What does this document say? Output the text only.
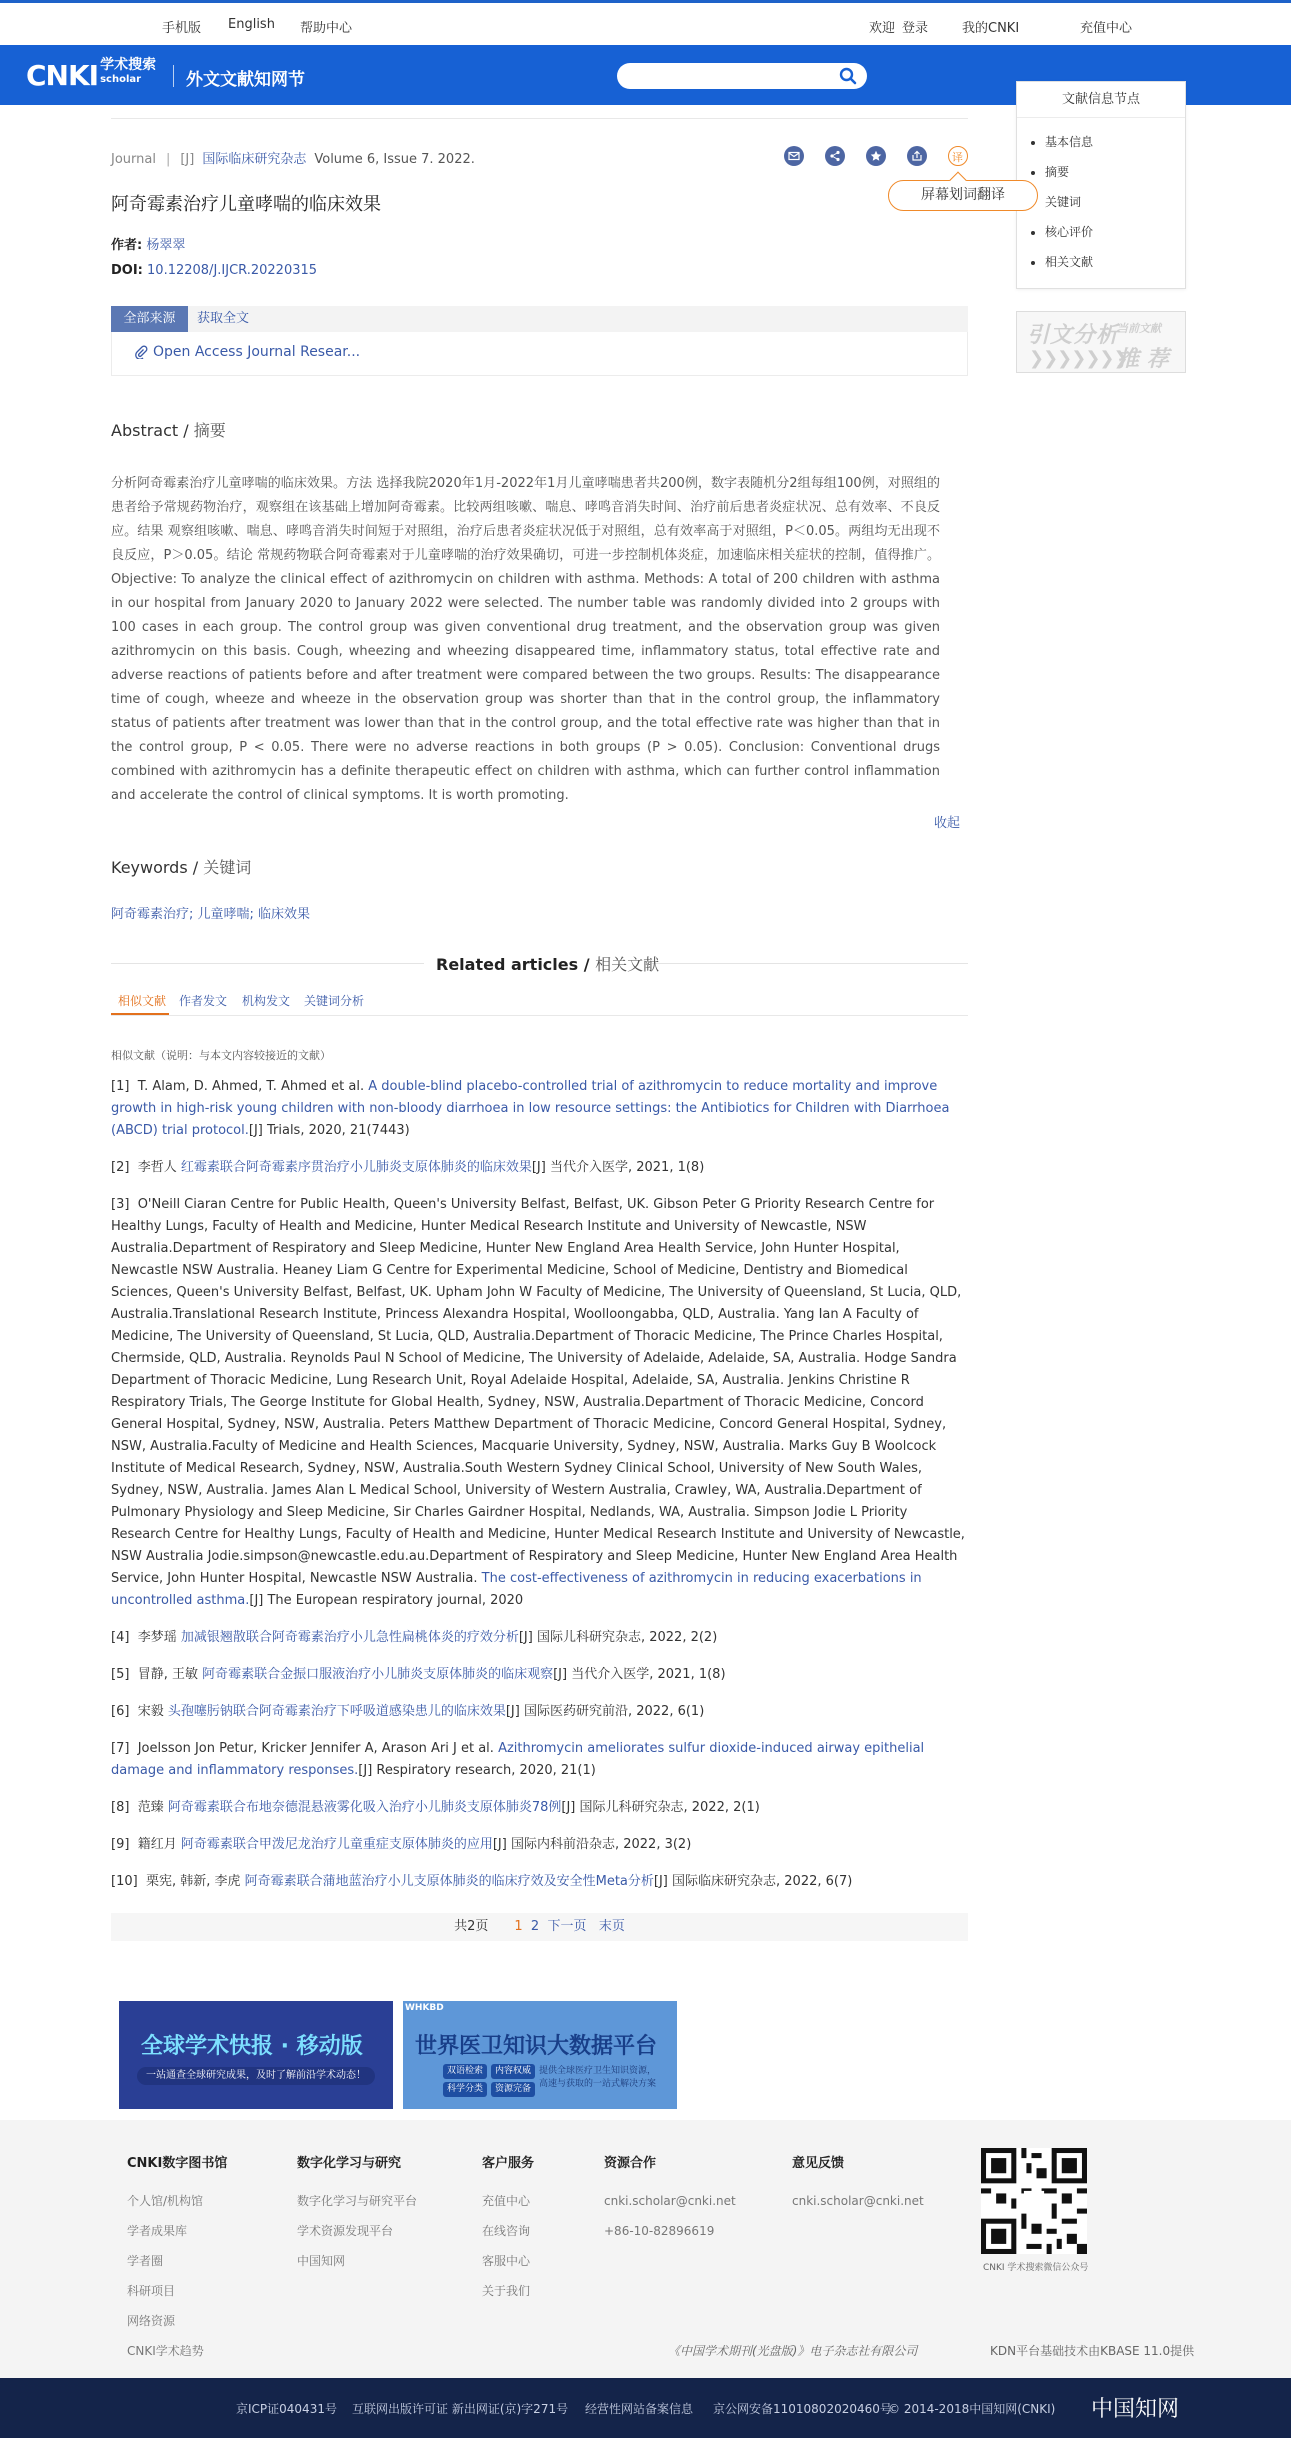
手机版 English 帮助中心	欢迎 登录	我的CNKI	充值中心
CNKI 学术搜索
scholar	外文文献知网节
文献信息节点
基本信息
摘要
关键词
核心评价
相关文献
引文分析
当前文献
❯❯❯❯❯❯❯
推 荐
Journal | [J] 国际临床研究杂志 Volume 6, Issue 7. 2022.	译
屏幕划词翻译
阿奇霉素治疗儿童哮喘的临床效果
作者: 杨翠翠
DOI: 10.12208/J.IJCR.20220315
全部来源	获取全文
Open Access Journal Resear...
Abstract / 摘要
分析阿奇霉素治疗儿童哮喘的临床效果。方法 选择我院2020年1月-2022年1月儿童哮喘患者共200例，数字表随机分2组每组100例，对照组的患者给予常规药物治疗，观察组在该基础上增加阿奇霉素。比较两组咳嗽、喘息、哮鸣音消失时间、治疗前后患者炎症状况、总有效率、不良反应。结果 观察组咳嗽、喘息、哮鸣音消失时间短于对照组，治疗后患者炎症状况低于对照组，总有效率高于对照组，P＜0.05。两组均无出现不良反应，P＞0.05。结论 常规药物联合阿奇霉素对于儿童哮喘的治疗效果确切，可进一步控制机体炎症，加速临床相关症状的控制，值得推广。Objective: To analyze the clinical effect of azithromycin on children with asthma. Methods: A total of 200 children with asthma in our hospital from January 2020 to January 2022 were selected. The number table was randomly divided into 2 groups with 100 cases in each group. The control group was given conventional drug treatment, and the observation group was given azithromycin on this basis. Cough, wheezing and wheezing disappeared time, inflammatory status, total effective rate and adverse reactions of patients before and after treatment were compared between the two groups. Results: The disappearance time of cough, wheeze and wheeze in the observation group was shorter than that in the control group, the inflammatory status of patients after treatment was lower than that in the control group, and the total effective rate was higher than that in the control group, P < 0.05. There were no adverse reactions in both groups (P > 0.05). Conclusion: Conventional drugs combined with azithromycin has a definite therapeutic effect on children with asthma, which can further control inflammation and accelerate the control of clinical symptoms. It is worth promoting.
收起
Keywords / 关键词
阿奇霉素治疗; 儿童哮喘; 临床效果
Related articles / 相关文献
相似文献 作者发文 机构发文 关键词分析
相似文献（说明：与本文内容较接近的文献）
[1] T. Alam, D. Ahmed, T. Ahmed et al. A double-blind placebo-controlled trial of azithromycin to reduce mortality and improve growth in high-risk young children with non-bloody diarrhoea in low resource settings: the Antibiotics for Children with Diarrhoea (ABCD) trial protocol.[J] Trials, 2020, 21(7443)
[2] 李哲人 红霉素联合阿奇霉素序贯治疗小儿肺炎支原体肺炎的临床效果[J] 当代介入医学, 2021, 1(8)
[3] O'Neill Ciaran Centre for Public Health, Queen's University Belfast, Belfast, UK. Gibson Peter G Priority Research Centre for Healthy Lungs, Faculty of Health and Medicine, Hunter Medical Research Institute and University of Newcastle, NSW Australia.Department of Respiratory and Sleep Medicine, Hunter New England Area Health Service, John Hunter Hospital, Newcastle NSW Australia. Heaney Liam G Centre for Experimental Medicine, School of Medicine, Dentistry and Biomedical Sciences, Queen's University Belfast, Belfast, UK. Upham John W Faculty of Medicine, The University of Queensland, St Lucia, QLD, Australia.Translational Research Institute, Princess Alexandra Hospital, Woolloongabba, QLD, Australia. Yang Ian A Faculty of Medicine, The University of Queensland, St Lucia, QLD, Australia.Department of Thoracic Medicine, The Prince Charles Hospital, Chermside, QLD, Australia. Reynolds Paul N School of Medicine, The University of Adelaide, Adelaide, SA, Australia. Hodge Sandra Department of Thoracic Medicine, Lung Research Unit, Royal Adelaide Hospital, Adelaide, SA, Australia. Jenkins Christine R Respiratory Trials, The George Institute for Global Health, Sydney, NSW, Australia.Department of Thoracic Medicine, Concord General Hospital, Sydney, NSW, Australia. Peters Matthew Department of Thoracic Medicine, Concord General Hospital, Sydney, NSW, Australia.Faculty of Medicine and Health Sciences, Macquarie University, Sydney, NSW, Australia. Marks Guy B Woolcock Institute of Medical Research, Sydney, NSW, Australia.South Western Sydney Clinical School, University of New South Wales, Sydney, NSW, Australia. James Alan L Medical School, University of Western Australia, Crawley, WA, Australia.Department of Pulmonary Physiology and Sleep Medicine, Sir Charles Gairdner Hospital, Nedlands, WA, Australia. Simpson Jodie L Priority Research Centre for Healthy Lungs, Faculty of Health and Medicine, Hunter Medical Research Institute and University of Newcastle, NSW Australia Jodie.simpson@newcastle.edu.au.Department of Respiratory and Sleep Medicine, Hunter New England Area Health Service, John Hunter Hospital, Newcastle NSW Australia. The cost-effectiveness of azithromycin in reducing exacerbations in uncontrolled asthma.[J] The European respiratory journal, 2020
[4] 李梦瑶 加减银翘散联合阿奇霉素治疗小儿急性扁桃体炎的疗效分析[J] 国际儿科研究杂志, 2022, 2(2)
[5] 冒静, 王敏 阿奇霉素联合金振口服液治疗小儿肺炎支原体肺炎的临床观察[J] 当代介入医学, 2021, 1(8)
[6] 宋毅 头孢噻肟钠联合阿奇霉素治疗下呼吸道感染患儿的临床效果[J] 国际医药研究前沿, 2022, 6(1)
[7] Joelsson Jon Petur, Kricker Jennifer A, Arason Ari J et al. Azithromycin ameliorates sulfur dioxide-induced airway epithelial damage and inflammatory responses.[J] Respiratory research, 2020, 21(1)
[8] 范臻 阿奇霉素联合布地奈德混悬液雾化吸入治疗小儿肺炎支原体肺炎78例[J] 国际儿科研究杂志, 2022, 2(1)
[9] 籍红月 阿奇霉素联合甲泼尼龙治疗儿童重症支原体肺炎的应用[J] 国际内科前沿杂志, 2022, 3(2)
[10] 栗宪, 韩新, 李虎 阿奇霉素联合蒲地蓝治疗小儿支原体肺炎的临床疗效及安全性Meta分析[J] 国际临床研究杂志, 2022, 6(7)
共2页 1 2 下一页 末页
全球学术快报 · 移动版
一站通查全球研究成果，及时了解前沿学术动态！
WHKBD
世界医卫知识大数据平台
双语检索	内容权威
科学分类	资源完备
提供全球医疗卫生知识资源，高速与获取的一站式解决方案
CNKI数字图书馆
个人馆/机构馆
学者成果库
学者圈
科研项目
网络资源
CNKI学术趋势
数字化学习与研究
数字化学习与研究平台
学术资源发现平台
中国知网
客户服务
充值中心
在线咨询
客服中心
关于我们
资源合作
cnki.scholar@cnki.net
+86-10-82896619
意见反馈
cnki.scholar@cnki.net
CNKI 学术搜索微信公众号
《中国学术期刊(光盘版)》电子杂志社有限公司	KDN平台基础技术由KBASE 11.0提供
京ICP证040431号 互联网出版许可证 新出网证(京)字271号 经营性网站备案信息 京公网安备11010802020460号
© 2014-2018中国知网(CNKI) 中国知网
